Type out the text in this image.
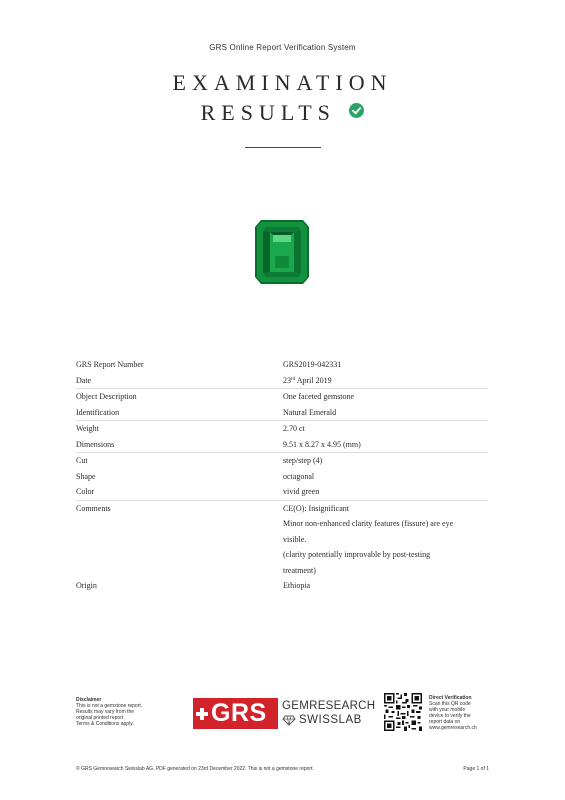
GRS Online Report Verification System
EXAMINATION
RESULTS
GRS Report Number	GRS2019-042331
Date	23rd April 2019
Object Description	One faceted gemstone
Identification	Natural Emerald
Weight	2.70 ct
Dimensions	9.51 x 8.27 x 4.95 (mm)
Cut	step/step (4)
Shape	octagonal
Color	vivid green
Comments	CE(O): Insignificant
Minor non-enhanced clarity features (fissure) are eye
visible.
(clarity potentially improvable by post-testing
treatment)
Origin	Ethiopia
Disclaimer
This is not a gemstone report.
Results may vary from the
original printed report.
Terms & Conditions apply.	GRS	GEMRESEARCH
SWISSLAB
Direct Verification
Scan this QR code
with your mobile
device to verify the
report data on
www.gemresearch.ch
© GRS Gemresearch Swisslab AG. PDF generated on 23rd December 2022. This is not a gemstone report.	Page 1 of 1
